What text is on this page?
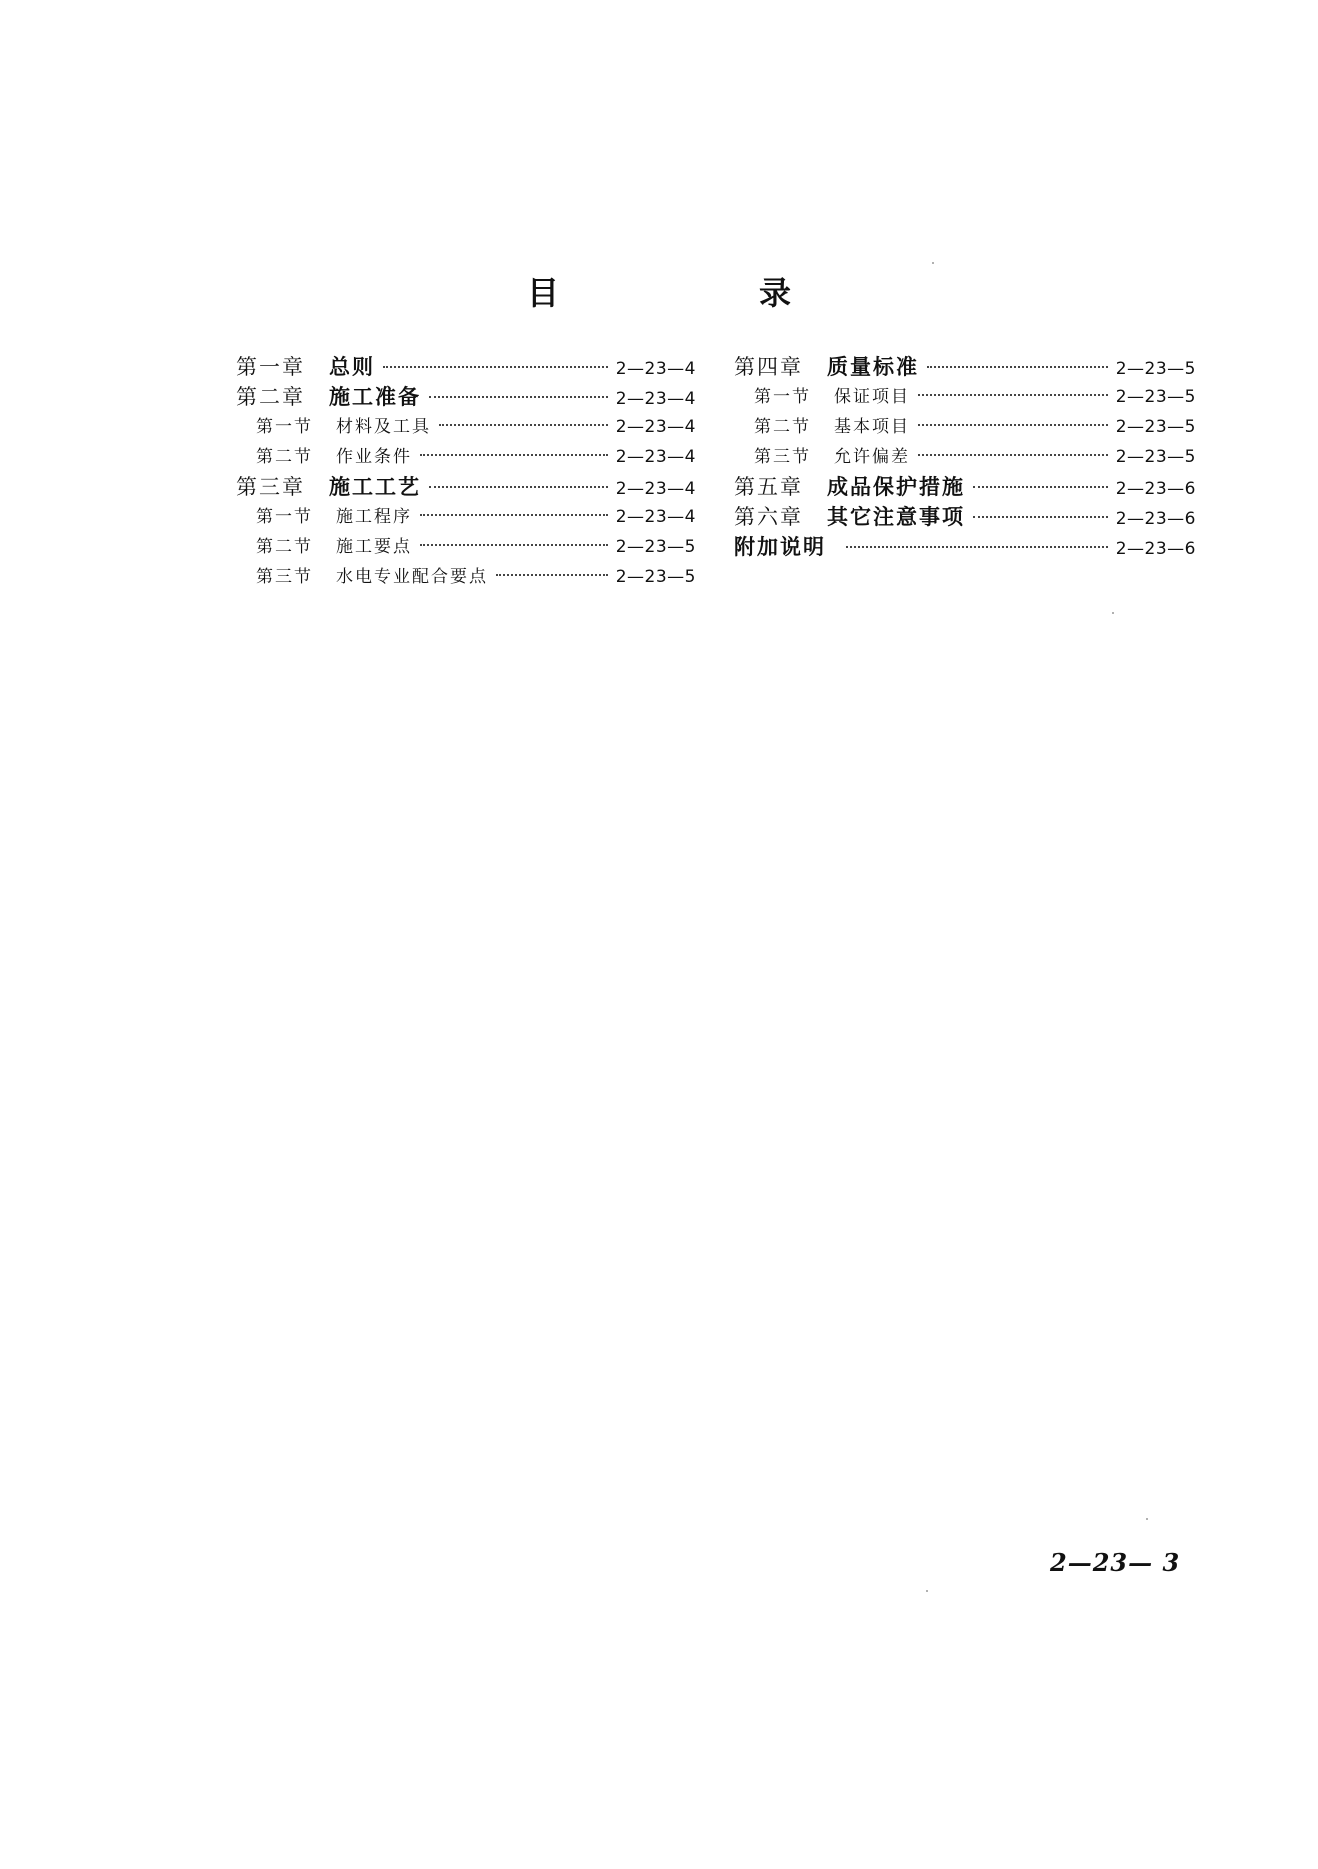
目	录
第一章	总则	2—23—4
第二章	施工准备	2—23—4
第一节	材料及工具	2—23—4
第二节	作业条件	2—23—4
第三章	施工工艺	2—23—4
第一节	施工程序	2—23—4
第二节	施工要点	2—23—5
第三节	水电专业配合要点	2—23—5
第四章	质量标准	2—23—5
第一节	保证项目	2—23—5
第二节	基本项目	2—23—5
第三节	允许偏差	2—23—5
第五章	成品保护措施	2—23—6
第六章	其它注意事项	2—23—6
附加说明	2—23—6
2—23— 3
